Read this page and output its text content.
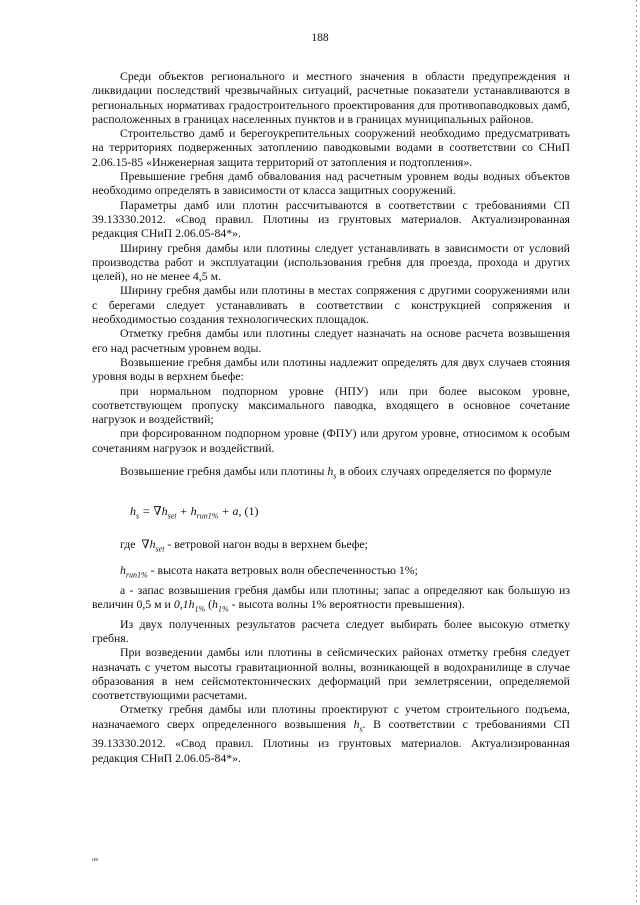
188

Среди объектов регионального и местного значения в области предупреждения и ликвидации последствий чрезвычайных ситуаций, расчетные показатели устанавливаются в региональных нормативах градостроительного проектирования для противопаводковых дамб, расположенных в границах населенных пунктов и в границах муниципальных районов.

Строительство дамб и берегоукрепительных сооружений необходимо предусматривать на территориях подверженных затоплению паводковыми водами в соответствии со СНиП 2.06.15-85 «Инженерная защита территорий от затопления и подтопления».

Превышение гребня дамб обвалования над расчетным уровнем воды водных объектов необходимо определять в зависимости от класса защитных сооружений.

Параметры дамб или плотин рассчитываются в соответствии с требованиями СП 39.13330.2012. «Свод правил. Плотины из грунтовых материалов. Актуализированная редакция СНиП 2.06.05-84*».

Ширину гребня дамбы или плотины следует устанавливать в зависимости от условий производства работ и эксплуатации (использования гребня для проезда, прохода и других целей), но не менее 4,5 м.

Ширину гребня дамбы или плотины в местах сопряжения с другими сооружениями или с берегами следует устанавливать в соответствии с конструкцией сопряжения и необходимостью создания технологических площадок.

Отметку гребня дамбы или плотины следует назначать на основе расчета возвышения его над расчетным уровнем воды.

Возвышение гребня дамбы или плотины надлежит определять для двух случаев стояния уровня воды в верхнем бьефе:

при нормальном подпорном уровне (НПУ) или при более высоком уровне, соответствующем пропуску максимального паводка, входящего в основное сочетание нагрузок и воздействий;

при форсированном подпорном уровне (ФПУ) или другом уровне, относимом к особым сочетаниям нагрузок и воздействий.

Возвышение гребня дамбы или плотины $h_s$ в обоих случаях определяется по формуле

$h_s = \nabla h_{set} + h_{run1\%} + a$, (1)

где $\nabla h_{set}$ - ветровой нагон воды в верхнем бьефе;

$h_{run1\%}$ - высота наката ветровых волн обеспеченностью 1%;

а - запас возвышения гребня дамбы или плотины; запас а определяют как большую из величин 0,5 м и $0,1h_{1\%}$ ($h_{1\%}$ - высота волны 1% вероятности превышения).

Из двух полученных результатов расчета следует выбирать более высокую отметку гребня.

При возведении дамбы или плотины в сейсмических районах отметку гребня следует назначать с учетом высоты гравитационной волны, возникающей в водохранилище в случае образования в нем сейсмотектонических деформаций при землетрясении, определяемой соответствующими расчетами.

Отметку гребня дамбы или плотины проектируют с учетом строительного подъема, назначаемого сверх определенного возвышения $h_s$. В соответствии с требованиями СП 39.13330.2012. «Свод правил. Плотины из грунтовых материалов. Актуализированная редакция СНиП 2.06.05-84*».

нв
